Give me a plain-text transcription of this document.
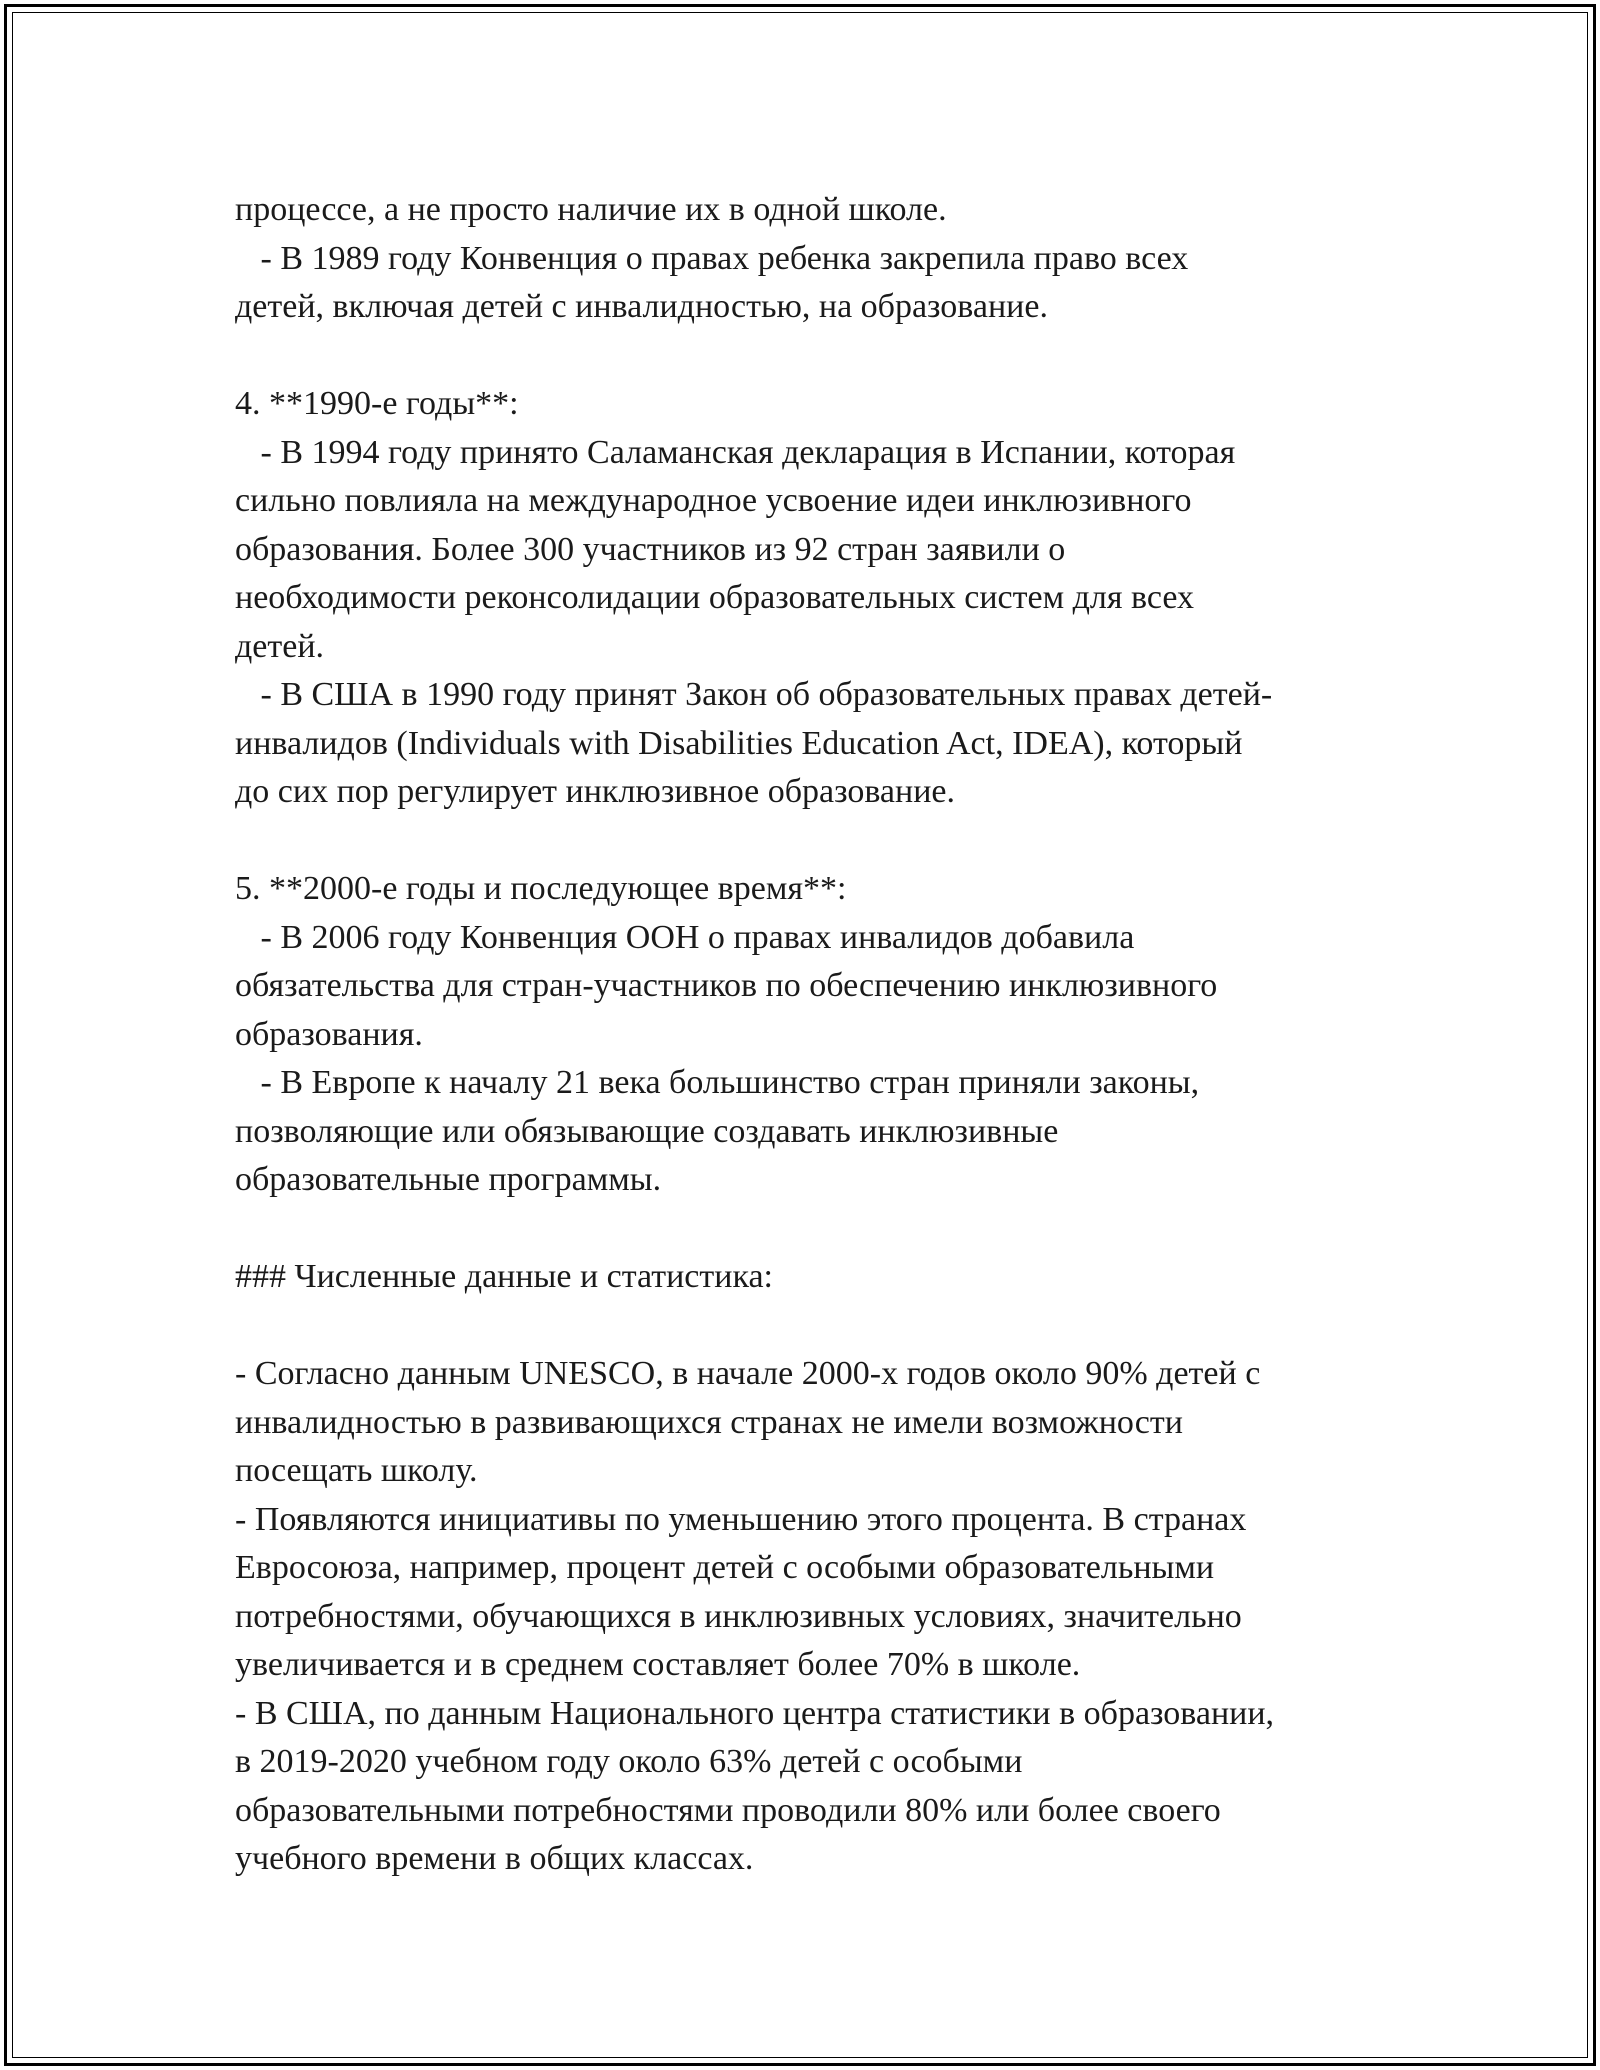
процессе, а не просто наличие их в одной школе.
- В 1989 году Конвенция о правах ребенка закрепила право всех
детей, включая детей с инвалидностью, на образование.
4. **1990-е годы**:
- В 1994 году принято Саламанская декларация в Испании, которая
сильно повлияла на международное усвоение идеи инклюзивного
образования. Более 300 участников из 92 стран заявили о
необходимости реконсолидации образовательных систем для всех
детей.
- В США в 1990 году принят Закон об образовательных правах детей-
инвалидов (Individuals with Disabilities Education Act, IDEA), который
до сих пор регулирует инклюзивное образование.
5. **2000-е годы и последующее время**:
- В 2006 году Конвенция ООН о правах инвалидов добавила
обязательства для стран-участников по обеспечению инклюзивного
образования.
- В Европе к началу 21 века большинство стран приняли законы,
позволяющие или обязывающие создавать инклюзивные
образовательные программы.
### Численные данные и статистика:
- Согласно данным UNESCO, в начале 2000-х годов около 90% детей с
инвалидностью в развивающихся странах не имели возможности
посещать школу.
- Появляются инициативы по уменьшению этого процента. В странах
Евросоюза, например, процент детей с особыми образовательными
потребностями, обучающихся в инклюзивных условиях, значительно
увеличивается и в среднем составляет более 70% в школе.
- В США, по данным Национального центра статистики в образовании,
в 2019-2020 учебном году около 63% детей с особыми
образовательными потребностями проводили 80% или более своего
учебного времени в общих классах.
